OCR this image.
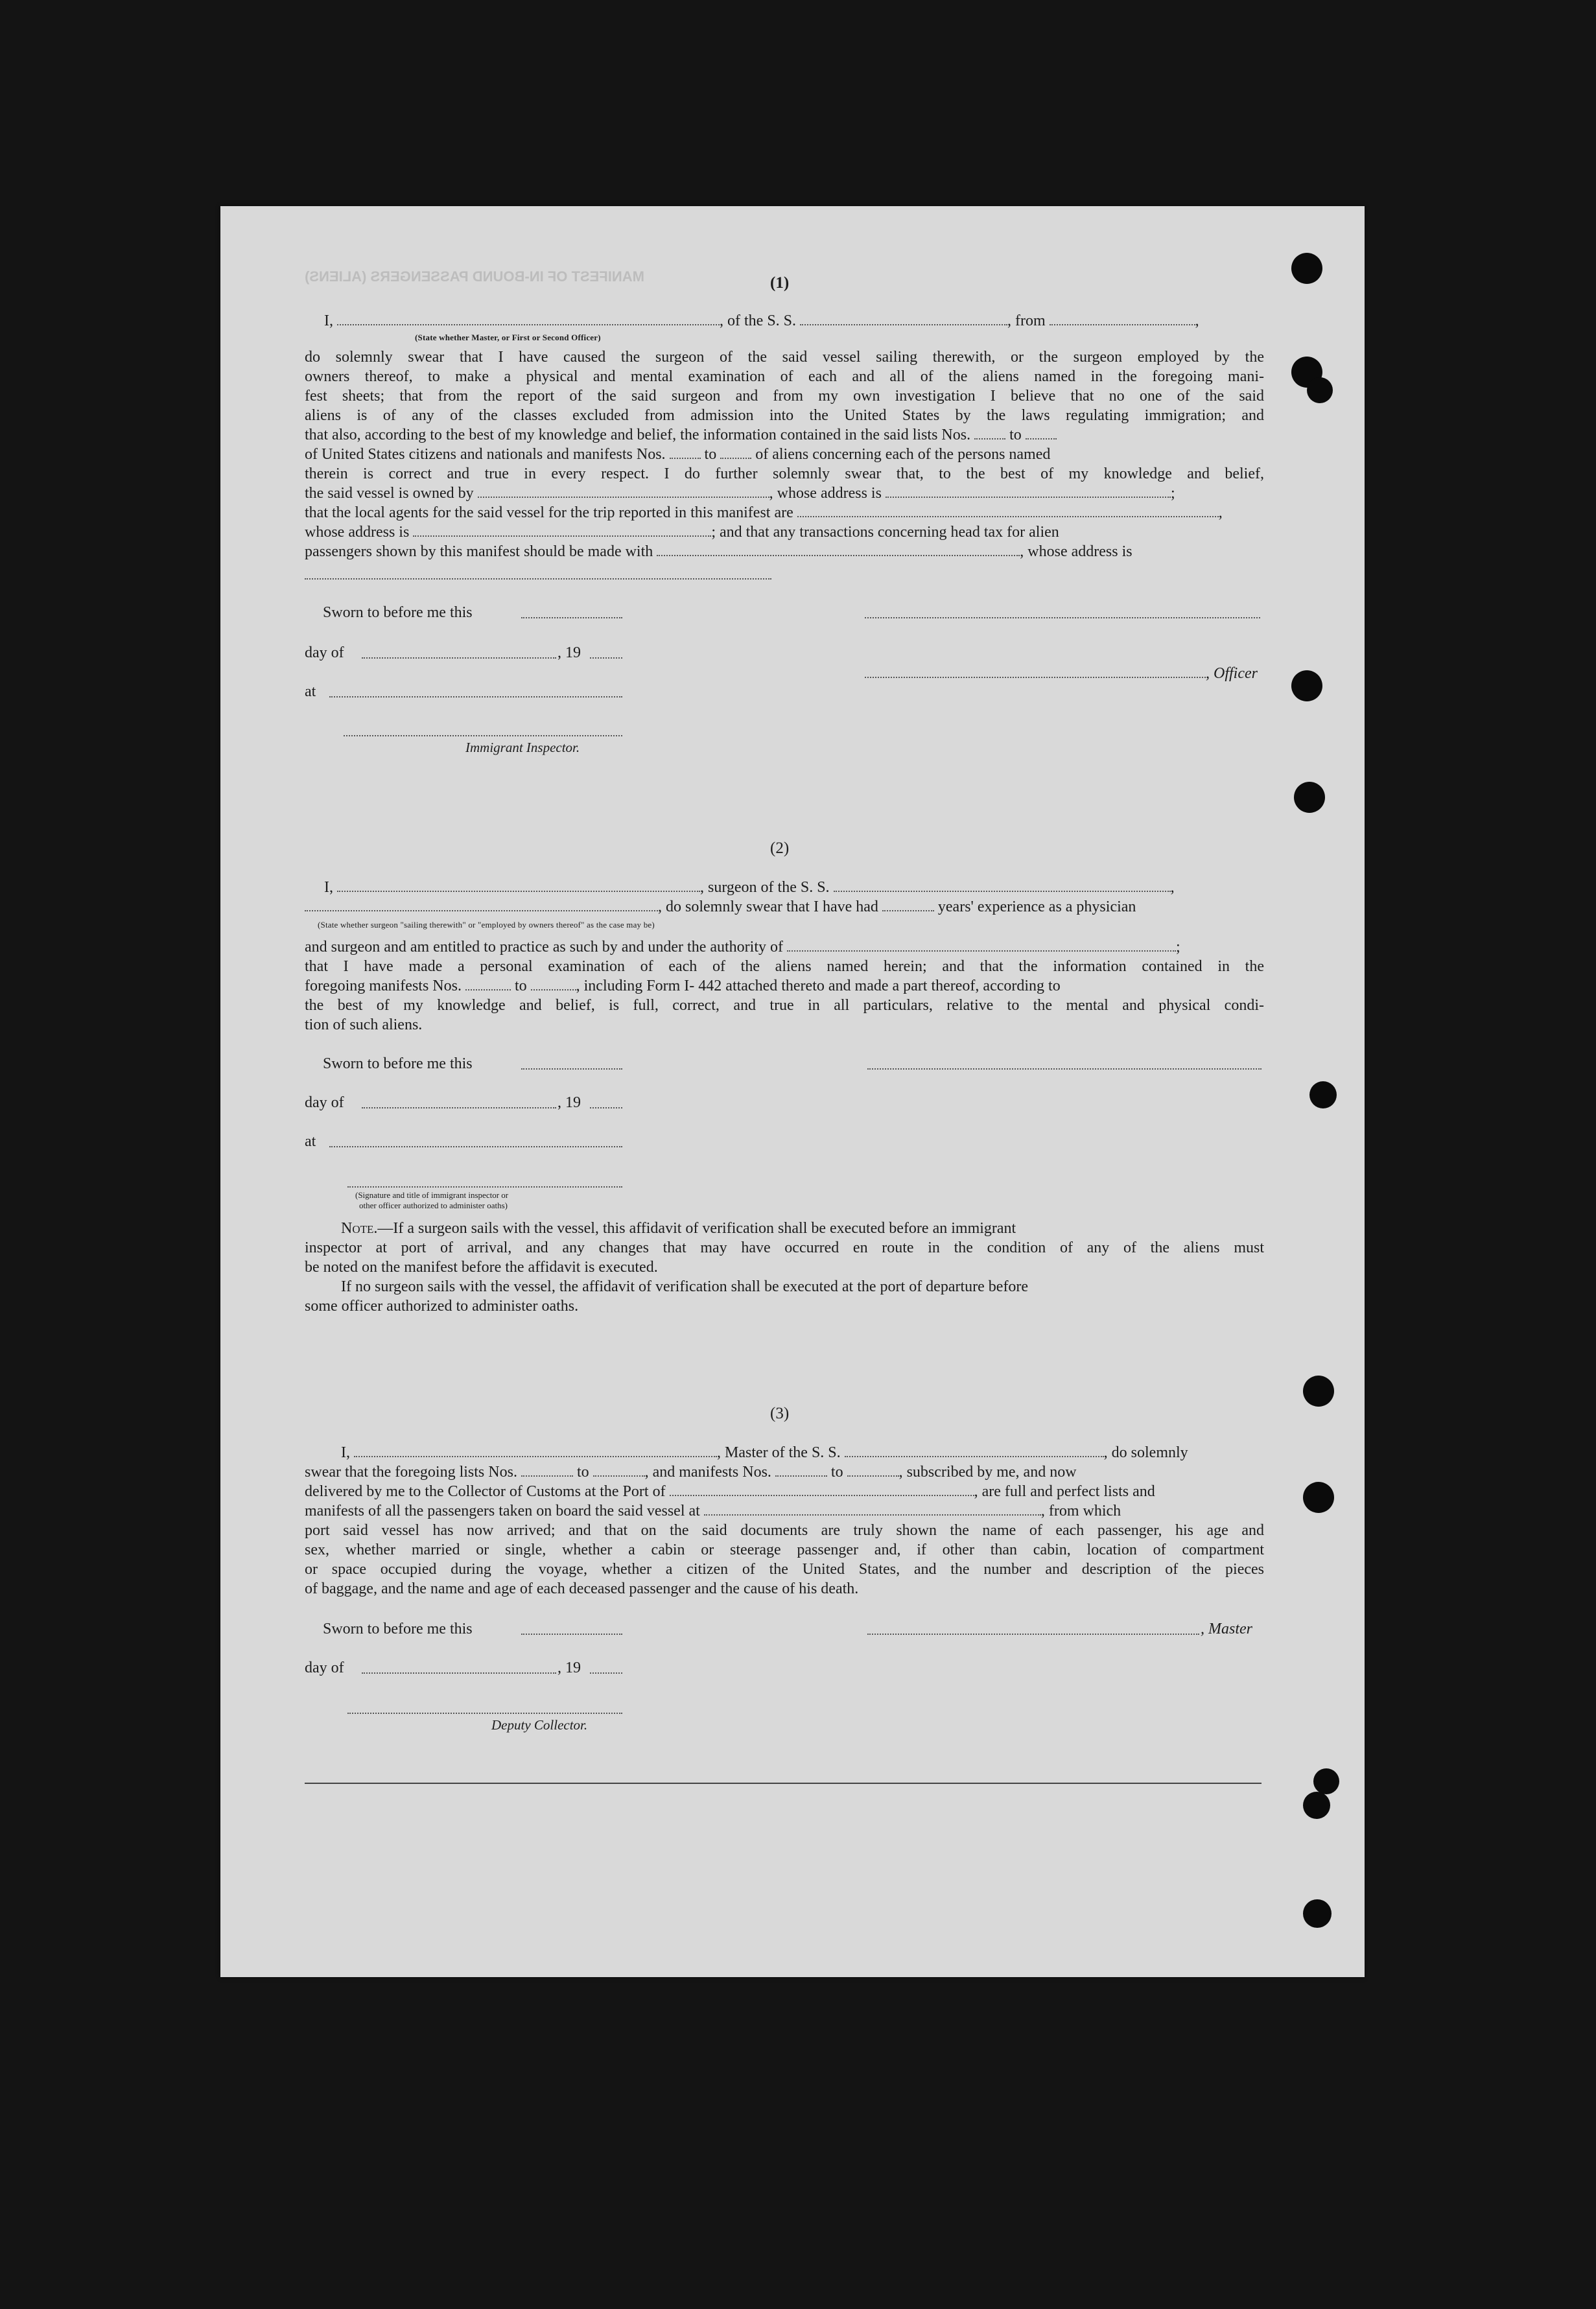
MANIFEST OF IN-BOUND PASSENGERS (ALIENS)	(1)
I,	, of the S. S.	, from	,
(State whether Master, or First or Second Officer)
do solemnly swear that I have caused the surgeon of the said vessel sailing therewith, or the surgeon employed by the
owners thereof, to make a physical and mental examination of each and all of the aliens named in the foregoing mani-
fest sheets; that from the report of the said surgeon and from my own investigation I believe that no one of the said
aliens is of any of the classes excluded from admission into the United States by the laws regulating immigration; and
that also, according to the best of my knowledge and belief, the information contained in the said lists Nos.	to
of United States citizens and nationals and manifests Nos.	to	of aliens concerning each of the persons named
therein is correct and true in every respect. I do further solemnly swear that, to the best of my knowledge and belief,
the said vessel is owned by	, whose address is	;
that the local agents for the said vessel for the trip reported in this manifest are	,
whose address is	; and that any transactions concerning head tax for alien
passengers shown by this manifest should be made with	, whose address is
Sworn to before me this
day of	, 19
at
, Officer
Immigrant Inspector.
(2)
I,	, surgeon of the S. S.	,
, do solemnly swear that I have had	years' experience as a physician
(State whether surgeon "sailing therewith" or "employed by owners thereof" as the case may be)
and surgeon and am entitled to practice as such by and under the authority of	;
that I have made a personal examination of each of the aliens named herein; and that the information contained in the
foregoing manifests Nos.	to	, including Form I- 442 attached thereto and made a part thereof, according to
the best of my knowledge and belief, is full, correct, and true in all particulars, relative to the mental and physical condi-
tion of such aliens.
Sworn to before me this
day of	, 19
at
(Signature and title of immigrant inspector or
other officer authorized to administer oaths)
Note.—If a surgeon sails with the vessel, this affidavit of verification shall be executed before an immigrant
inspector at port of arrival, and any changes that may have occurred en route in the condition of any of the aliens must
be noted on the manifest before the affidavit is executed.
If no surgeon sails with the vessel, the affidavit of verification shall be executed at the port of departure before
some officer authorized to administer oaths.
(3)
I,	, Master of the S. S.	, do solemnly
swear that the foregoing lists Nos.	to	, and manifests Nos.	to	, subscribed by me, and now
delivered by me to the Collector of Customs at the Port of	, are full and perfect lists and
manifests of all the passengers taken on board the said vessel at	, from which
port said vessel has now arrived; and that on the said documents are truly shown the name of each passenger, his age and
sex, whether married or single, whether a cabin or steerage passenger and, if other than cabin, location of compartment
or space occupied during the voyage, whether a citizen of the United States, and the number and description of the pieces
of baggage, and the name and age of each deceased passenger and the cause of his death.
Sworn to before me this	, Master
day of	, 19
Deputy Collector.
